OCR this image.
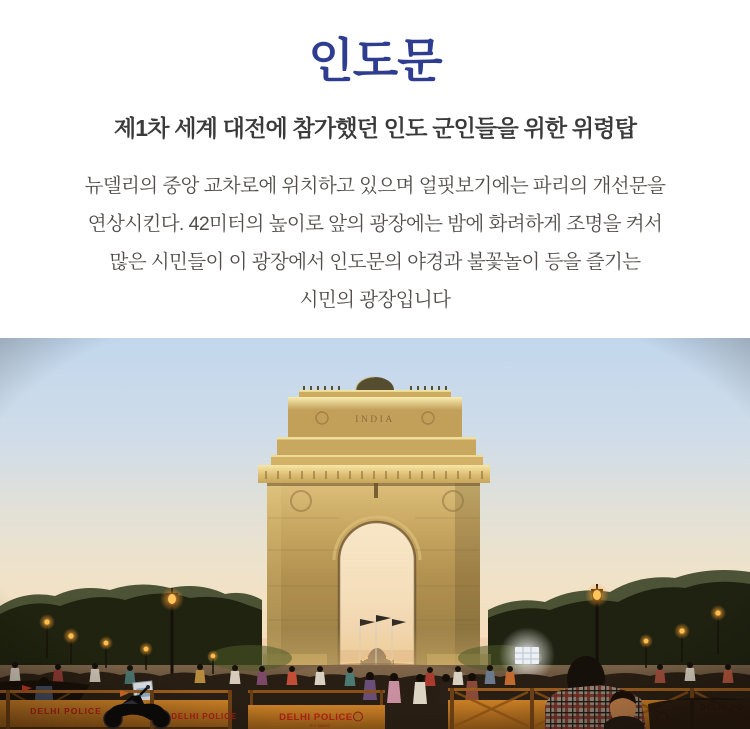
인도문
제1차 세계 대전에 참가했던 인도 군인들을 위한 위령탑
뉴델리의 중앙 교차로에 위치하고 있으며 얼핏보기에는 파리의 개선문을
연상시킨다. 42미터의 높이로 앞의 광장에는 밤에 화려하게 조명을 켜서
많은 시민들이 이 광장에서 인도문의 야경과 불꽃놀이 등을 즐기는
시민의 광장입니다
